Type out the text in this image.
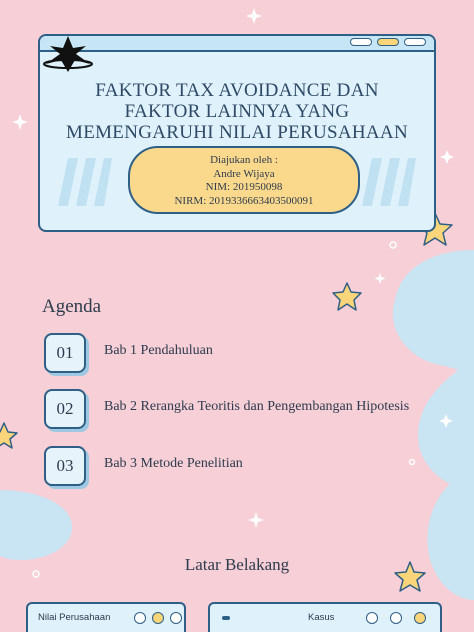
FAKTOR TAX AVOIDANCE DAN FAKTOR LAINNYA YANG MEMENGARUHI NILAI PERUSAHAAN
Diajukan oleh :
Andre Wijaya
NIM: 201950098
NIRM: 2019336663403500091
Agenda
01	Bab 1 Pendahuluan
02	Bab 2 Rerangka Teoritis dan Pengembangan Hipotesis
03	Bab 3 Metode Penelitian
Latar Belakang
Nilai Perusahaan	Kasus
